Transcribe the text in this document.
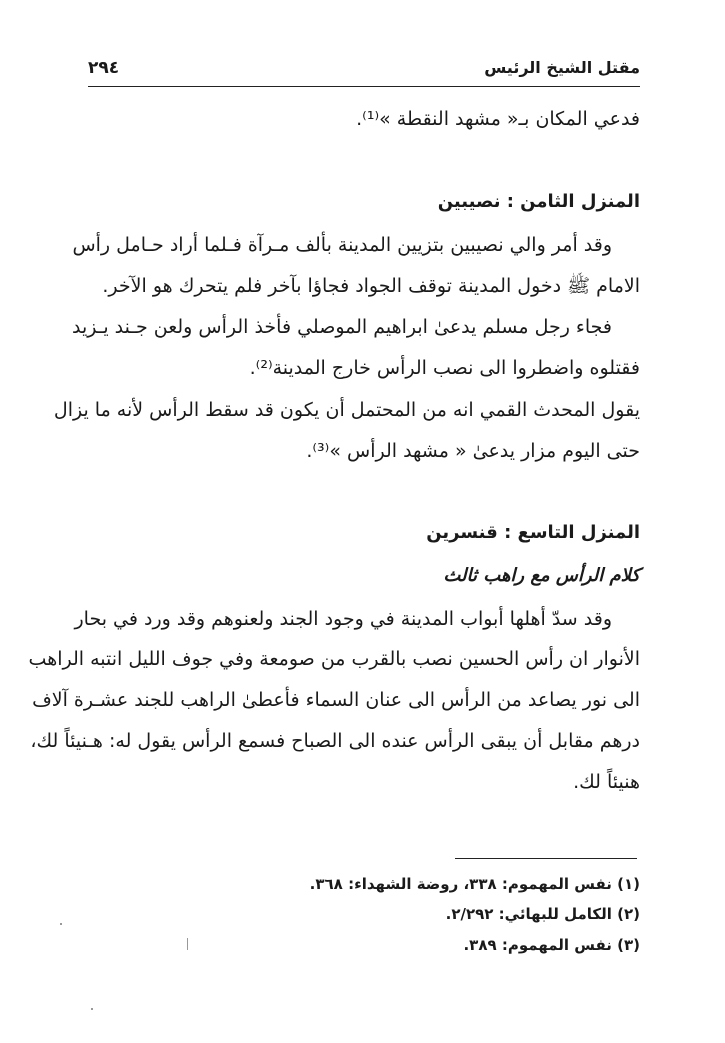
مقتل الشيخ الرئيس
٢٩٤
فدعي المكان بـ« مشهد النقطة »⁽¹⁾.
المنزل الثامن : نصيبين
وقد أمر والي نصيبين بتزيين المدينة بألف مـرآة فـلما أراد حـامل رأس
الامام ﷺ دخول المدينة توقف الجواد فجاؤا بآخر فلم يتحرك هو الآخر.
فجاء رجل مسلم يدعىٰ ابراهيم الموصلي فأخذ الرأس ولعن جـند يـزيد
فقتلوه واضطروا الى نصب الرأس خارج المدينة⁽²⁾.
يقول المحدث القمي انه من المحتمل أن يكون قد سقط الرأس لأنه ما يزال
حتى اليوم مزار يدعىٰ « مشهد الرأس »⁽³⁾.
المنزل التاسع : قنسرين
كلام الرأس مع راهب ثالث
وقد سدّ أهلها أبواب المدينة في وجود الجند ولعنوهم وقد ورد في بحار
الأنوار ان رأس الحسين نصب بالقرب من صومعة وفي جوف الليل انتبه الراهب
الى نور يصاعد من الرأس الى عنان السماء فأعطىٰ الراهب للجند عشـرة آلاف
درهم مقابل أن يبقى الرأس عنده الى الصباح فسمع الرأس يقول له: هـنيئاً لك،
هنيئاً لك.
(١) نفس المهموم: ٣٣٨، روضة الشهداء: ٣٦٨.
(٢) الكامل للبهائي: ٢/٢٩٢.
(٣) نفس المهموم: ٣٨٩.
